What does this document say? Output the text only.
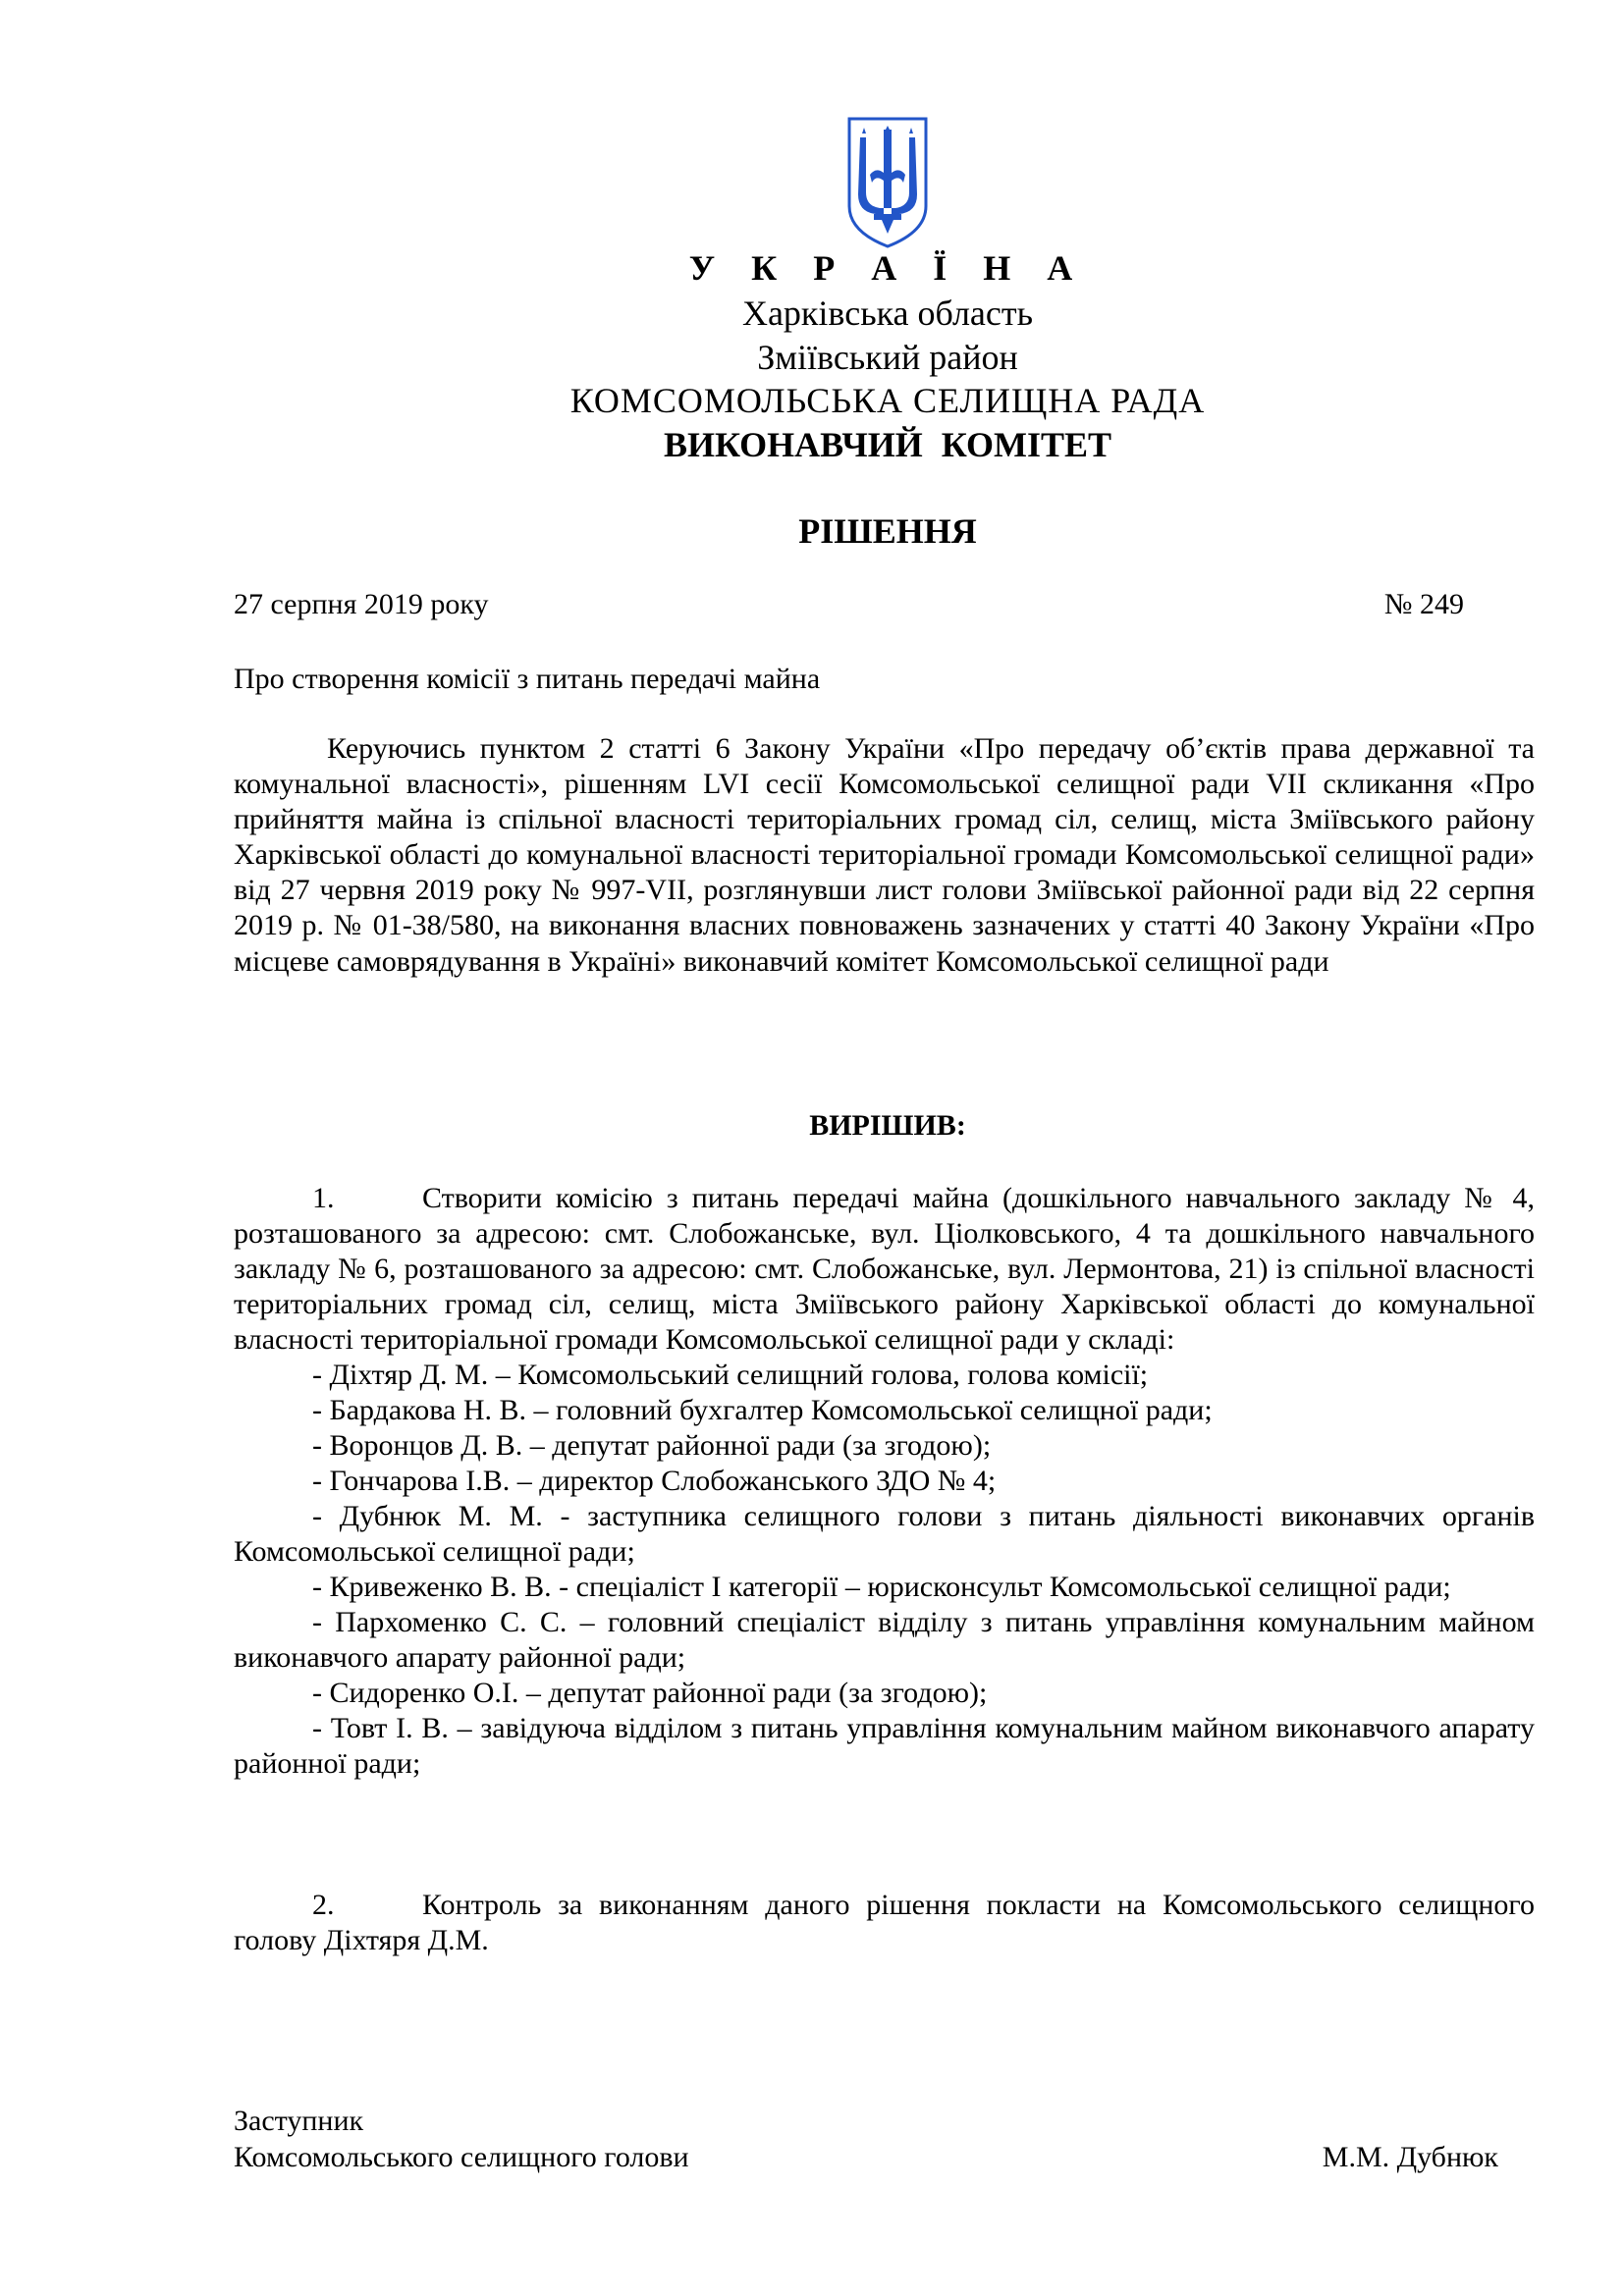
У К Р А Ї Н А
Харківська область
Зміївський район
КОМСОМОЛЬСЬКА СЕЛИЩНА РАДА
ВИКОНАВЧИЙ КОМІТЕТ
РІШЕННЯ
27 серпня 2019 року	№ 249
Про створення комісії з питань передачі майна
Керуючись пунктом 2 статті 6 Закону України «Про передачу об’єктів права державної та комунальної власності», рішенням LVI сесії Комсомольської селищної ради VII скликання «Про прийняття майна із спільної власності територіальних громад сіл, селищ, міста Зміївського району Харківської області до комунальної власності територіальної громади Комсомольської селищної ради» від 27 червня 2019 року № 997-VII, розглянувши лист голови Зміївської районної ради від 22 серпня 2019 р. № 01-38/580, на виконання власних повноважень зазначених у статті 40 Закону України «Про місцеве самоврядування в Україні» виконавчий комітет Комсомольської селищної ради
ВИРІШИВ:
1.	Створити комісію з питань передачі майна (дошкільного навчального закладу № 4, розташованого за адресою: смт. Слобожанське, вул. Ціолковського, 4 та дошкільного навчального закладу № 6, розташованого за адресою: смт. Слобожанське, вул. Лермонтова, 21) із спільної власності територіальних громад сіл, селищ, міста Зміївського району Харківської області до комунальної власності територіальної громади Комсомольської селищної ради у складі:
- Діхтяр Д. М. – Комсомольський селищний голова, голова комісії;
- Бардакова Н. В. – головний бухгалтер Комсомольської селищної ради;
- Воронцов Д. В. – депутат районної ради (за згодою);
- Гончарова І.В. – директор Слобожанського ЗДО № 4;
- Дубнюк М. М. - заступника селищного голови з питань діяльності виконавчих органів Комсомольської селищної ради;
- Кривеженко В. В. - спеціаліст І категорії – юрисконсульт Комсомольської селищної ради;
- Пархоменко С. С. – головний спеціаліст відділу з питань управління комунальним майном виконавчого апарату районної ради;
- Сидоренко О.І. – депутат районної ради (за згодою);
- Товт І. В. – завідуюча відділом з питань управління комунальним майном виконавчого апарату районної ради;
2.	Контроль за виконанням даного рішення покласти на Комсомольського селищного голову Діхтяря Д.М.
Заступник
Комсомольського селищного голови	М.М. Дубнюк
